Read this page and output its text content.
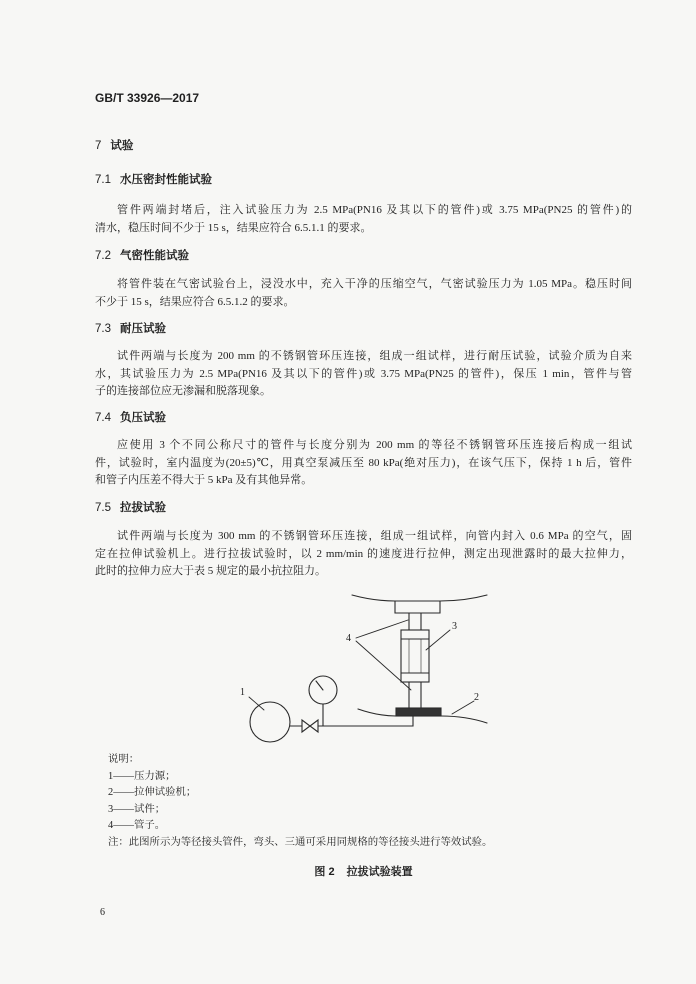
GB/T 33926—2017
7 试验
7.1 水压密封性能试验
管件两端封堵后，注入试验压力为 2.5 MPa(PN16 及其以下的管件)或 3.75 MPa(PN25 的管件)的
清水，稳压时间不少于 15 s，结果应符合 6.5.1.1 的要求。
7.2 气密性能试验
将管件装在气密试验台上，浸没水中，充入干净的压缩空气，气密试验压力为 1.05 MPa。稳压时间
不少于 15 s，结果应符合 6.5.1.2 的要求。
7.3 耐压试验
试件两端与长度为 200 mm 的不锈钢管环压连接，组成一组试样，进行耐压试验，试验介质为自来
水，其试验压力为 2.5 MPa(PN16 及其以下的管件)或 3.75 MPa(PN25 的管件)，保压 1 min，管件与管
子的连接部位应无渗漏和脱落现象。
7.4 负压试验
应使用 3 个不同公称尺寸的管件与长度分别为 200 mm 的等径不锈钢管环压连接后构成一组试
件，试验时，室内温度为(20±5)℃，用真空泵减压至 80 kPa(绝对压力)，在该气压下，保持 1 h 后，管件
和管子内压差不得大于 5 kPa 及有其他异常。
7.5 拉拔试验
试件两端与长度为 300 mm 的不锈钢管环压连接，组成一组试样，向管内封入 0.6 MPa 的空气，固
定在拉伸试验机上。进行拉拔试验时，以 2 mm/min 的速度进行拉伸，测定出现泄露时的最大拉伸力，
此时的拉伸力应大于表 5 规定的最小抗拉阻力。
1	2
3
4
说明：
1——压力源；
2——拉伸试验机；
3——试件；
4——管子。
注：此图所示为等径接头管件，弯头、三通可采用同规格的等径接头进行等效试验。
图 2 拉拔试验装置
6
